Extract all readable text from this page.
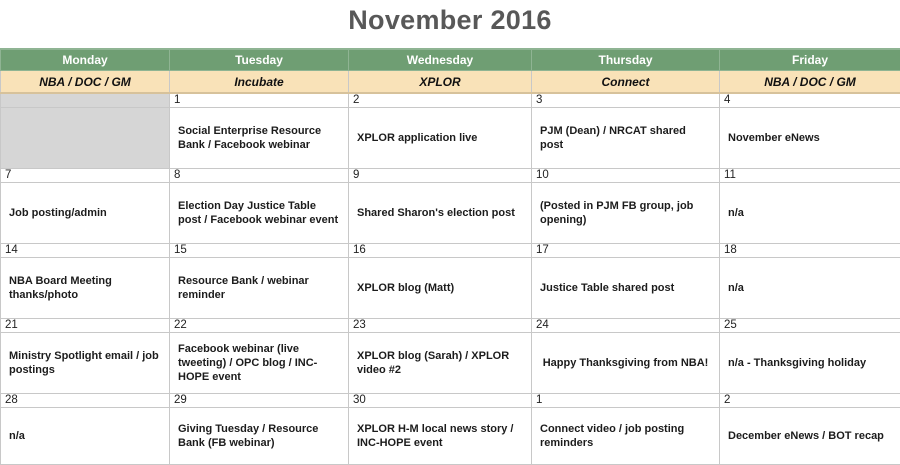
November 2016
Monday	Tuesday	Wednesday	Thursday	Friday
NBA / DOC / GM	Incubate	XPLOR	Connect	NBA / DOC / GM
	1	2	3	4
	Social Enterprise Resource Bank / Facebook webinar	XPLOR application live	PJM (Dean) / NRCAT shared post	November eNews
7	8	9	10	11
Job posting/admin	Election Day Justice Table post / Facebook webinar event	Shared Sharon's election post	(Posted in PJM FB group, job opening)	n/a
14	15	16	17	18
NBA Board Meeting thanks/photo	Resource Bank / webinar reminder	XPLOR blog (Matt)	Justice Table shared post	n/a
21	22	23	24	25
Ministry Spotlight email / job postings	Facebook webinar (live tweeting) / OPC blog / INC-HOPE event	XPLOR blog (Sarah) / XPLOR video #2	Happy Thanksgiving from NBA!	n/a - Thanksgiving holiday
28	29	30	1	2
n/a	Giving Tuesday / Resource Bank (FB webinar)	XPLOR H-M local news story / INC-HOPE event	Connect video / job posting reminders	December eNews / BOT recap
